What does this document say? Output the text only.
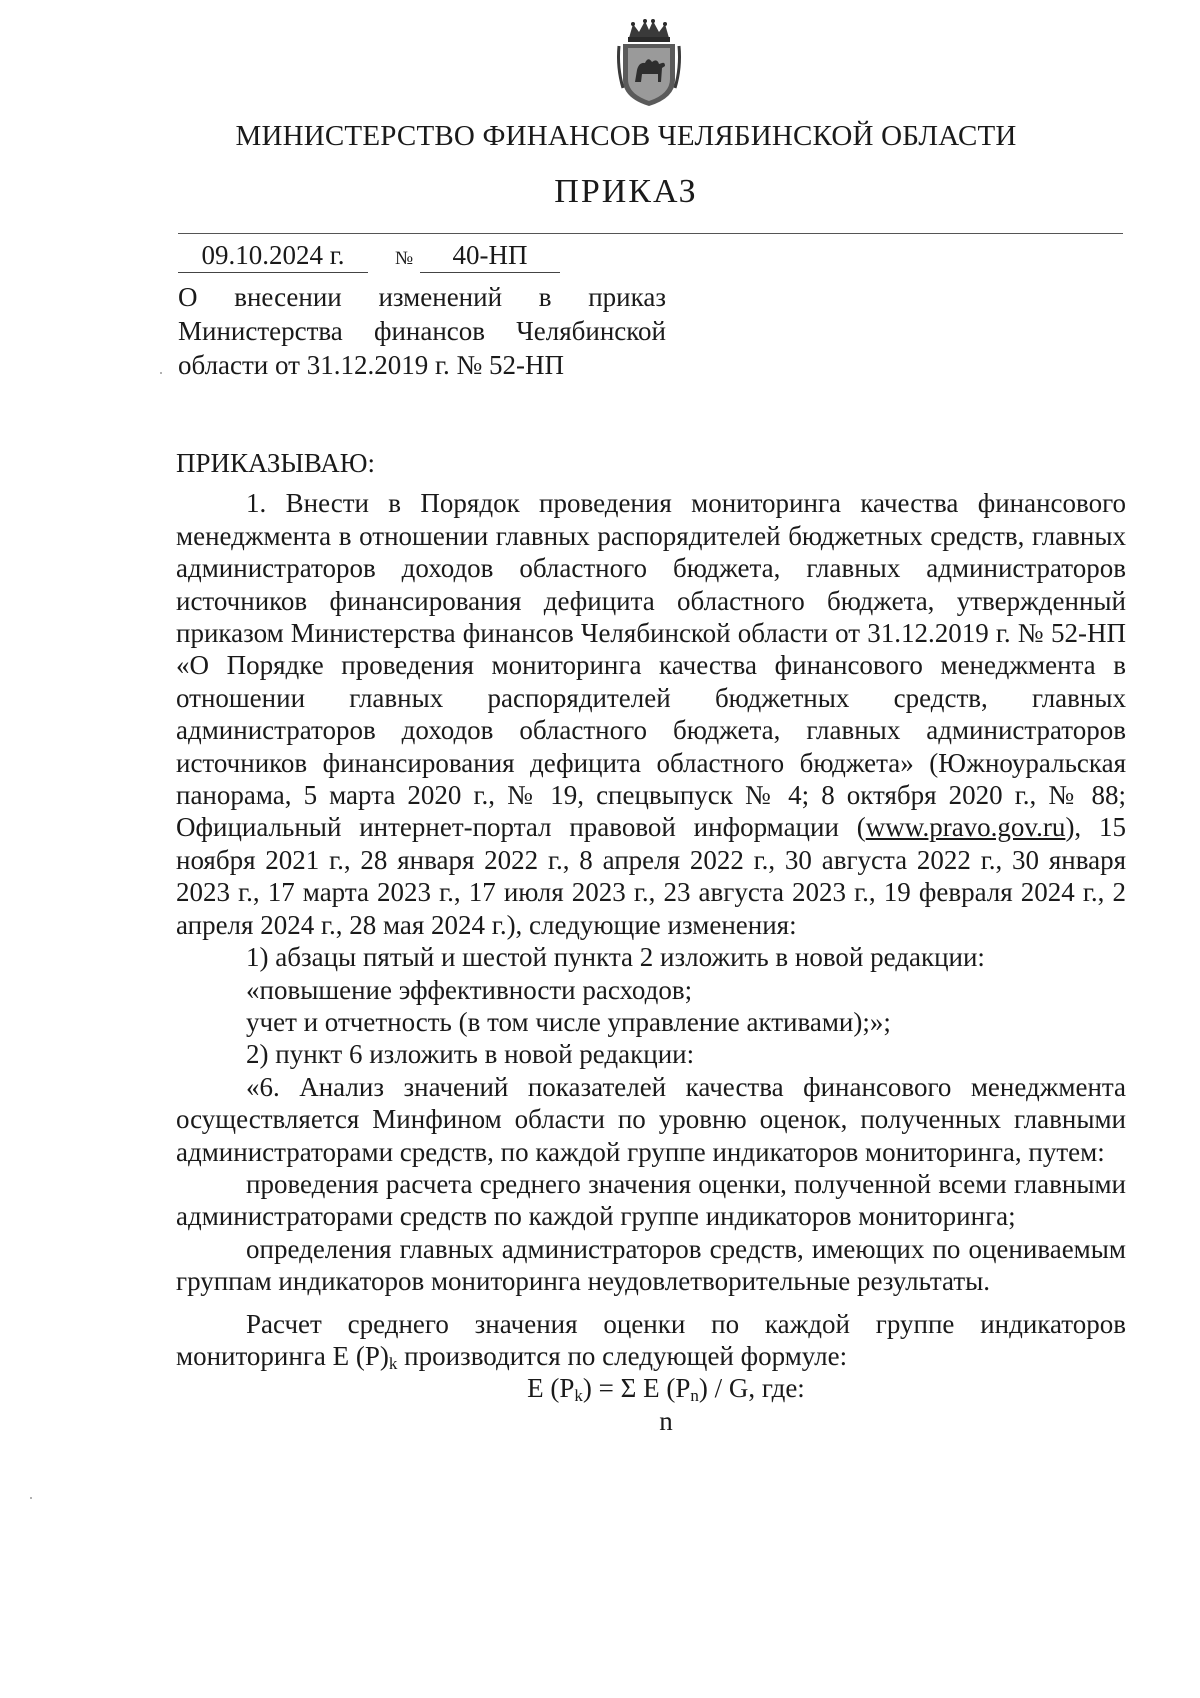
МИНИСТЕРСТВО ФИНАНСОВ ЧЕЛЯБИНСКОЙ ОБЛАСТИ
ПРИКАЗ
09.10.2024 г.	№	40-НП
О внесении изменений в приказ
Министерства финансов Челябинской
области от 31.12.2019 г. № 52-НП

ПРИКАЗЫВАЮ:

1. Внести в Порядок проведения мониторинга качества финансового менеджмента в отношении главных распорядителей бюджетных средств, главных администраторов доходов областного бюджета, главных администраторов источников финансирования дефицита областного бюджета, утвержденный приказом Министерства финансов Челябинской области от 31.12.2019 г. № 52-НП «О Порядке проведения мониторинга качества финансового менеджмента в отношении главных распорядителей бюджетных средств, главных администраторов доходов областного бюджета, главных администраторов источников финансирования дефицита областного бюджета» (Южноуральская панорама, 5 марта 2020 г., № 19, спецвыпуск № 4; 8 октября 2020 г., № 88; Официальный интернет-портал правовой информации (www.pravo.gov.ru), 15 ноября 2021 г., 28 января 2022 г., 8 апреля 2022 г., 30 августа 2022 г., 30 января 2023 г., 17 марта 2023 г., 17 июля 2023 г., 23 августа 2023 г., 19 февраля 2024 г., 2 апреля 2024 г., 28 мая 2024 г.), следующие изменения:

1) абзацы пятый и шестой пункта 2 изложить в новой редакции:

«повышение эффективности расходов;

учет и отчетность (в том числе управление активами);»;

2) пункт 6 изложить в новой редакции:

«6. Анализ значений показателей качества финансового менеджмента осуществляется Минфином области по уровню оценок, полученных главными администраторами средств, по каждой группе индикаторов мониторинга, путем:

проведения расчета среднего значения оценки, полученной всеми главными администраторами средств по каждой группе индикаторов мониторинга;

определения главных администраторов средств, имеющих по оцениваемым группам индикаторов мониторинга неудовлетворительные результаты.

Расчет среднего значения оценки по каждой группе индикаторов мониторинга E $(P)_k$ производится по следующей формуле:

E $(P_k) = \Sigma$ E $(P_n)$ / G, где:

n
